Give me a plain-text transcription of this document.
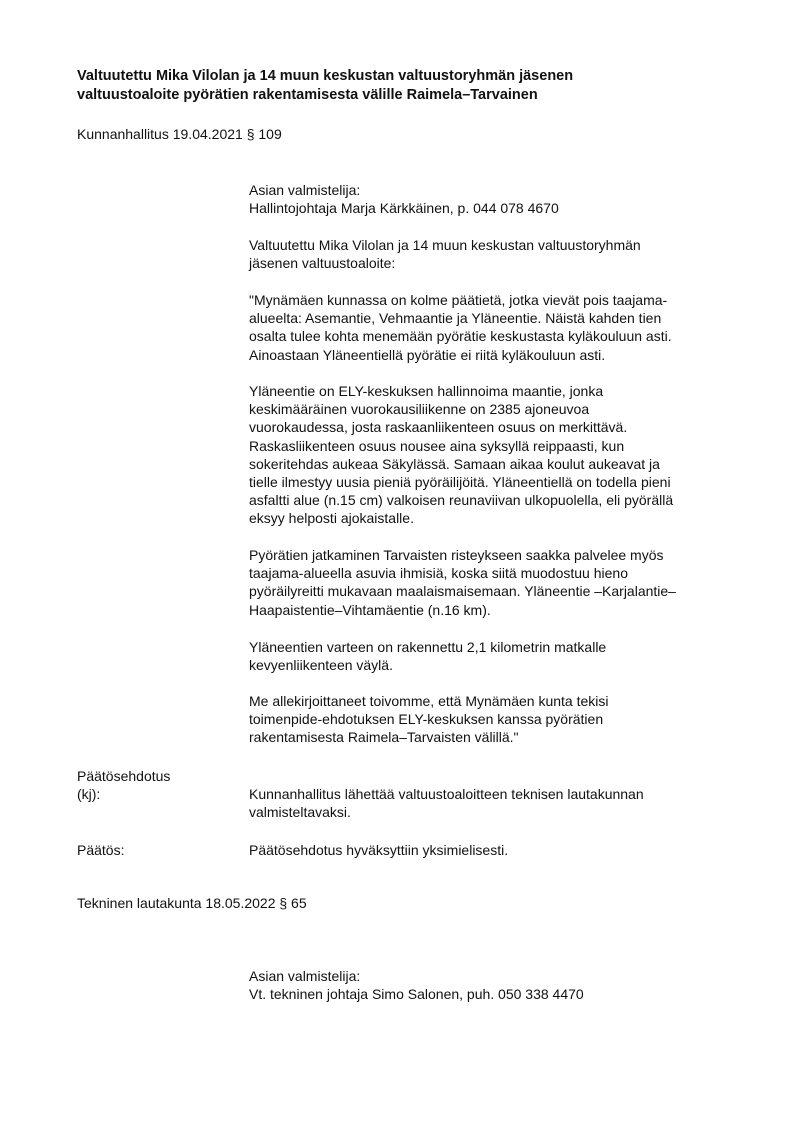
Valtuutettu Mika Vilolan ja 14 muun keskustan valtuustoryhmän jäsenen
valtuustoaloite pyörätien rakentamisesta välille Raimela–Tarvainen
Kunnanhallitus 19.04.2021 § 109
Asian valmistelija:
Hallintojohtaja Marja Kärkkäinen, p. 044 078 4670
Valtuutettu Mika Vilolan ja 14 muun keskustan valtuustoryhmän
jäsenen valtuustoaloite:
"Mynämäen kunnassa on kolme päätietä, jotka vievät pois taajama-
alueelta: Asemantie, Vehmaantie ja Yläneentie. Näistä kahden tien
osalta tulee kohta menemään pyörätie keskustasta kyläkouluun asti.
Ainoastaan Yläneentiellä pyörätie ei riitä kyläkouluun asti.
Yläneentie on ELY-keskuksen hallinnoima maantie, jonka
keskimääräinen vuorokausiliikenne on 2385 ajoneuvoa
vuorokaudessa, josta raskaanliikenteen osuus on merkittävä.
Raskasliikenteen osuus nousee aina syksyllä reippaasti, kun
sokeritehdas aukeaa Säkylässä. Samaan aikaa koulut aukeavat ja
tielle ilmestyy uusia pieniä pyöräilijöitä. Yläneentiellä on todella pieni
asfaltti alue (n.15 cm) valkoisen reunaviivan ulkopuolella, eli pyörällä
eksyy helposti ajokaistalle.
Pyörätien jatkaminen Tarvaisten risteykseen saakka palvelee myös
taajama-alueella asuvia ihmisiä, koska siitä muodostuu hieno
pyöräilyreitti mukavaan maalaismaisemaan. Yläneentie –Karjalantie–
Haapaistentie–Vihtamäentie (n.16 km).
Yläneentien varteen on rakennettu 2,1 kilometrin matkalle
kevyenliikenteen väylä.
Me allekirjoittaneet toivomme, että Mynämäen kunta tekisi
toimenpide-ehdotuksen ELY-keskuksen kanssa pyörätien
rakentamisesta Raimela–Tarvaisten välillä."
Päätösehdotus
(kj):	Kunnanhallitus lähettää valtuustoaloitteen teknisen lautakunnan
valmisteltavaksi.
Päätös:	Päätösehdotus hyväksyttiin yksimielisesti.
Tekninen lautakunta 18.05.2022 § 65
Asian valmistelija:
Vt. tekninen johtaja Simo Salonen, puh. 050 338 4470
